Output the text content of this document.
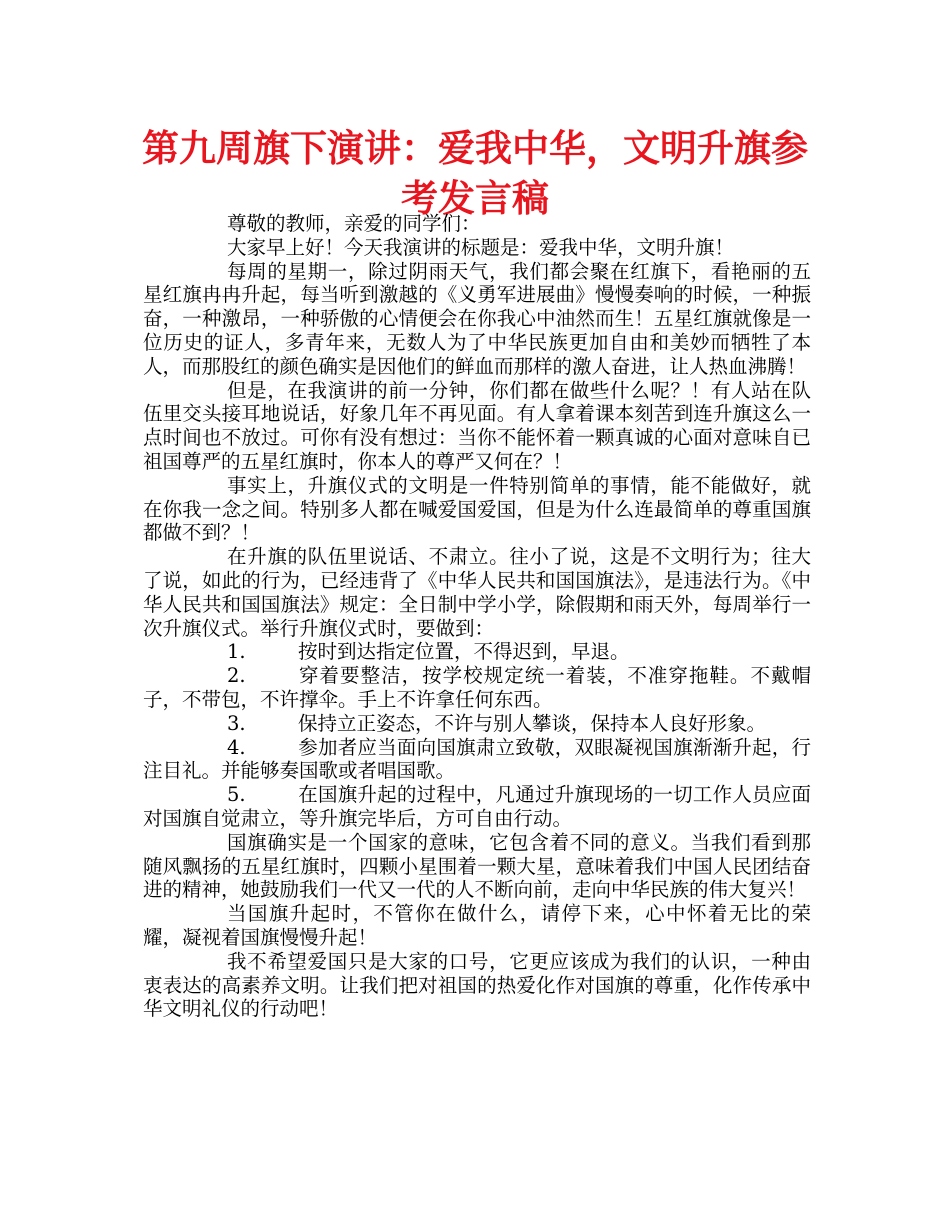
第九周旗下演讲：爱我中华，文明升旗参考发言稿

尊敬的教师，亲爱的同学们：

大家早上好！今天我演讲的标题是：爱我中华，文明升旗！

每周的星期一，除过阴雨天气，我们都会聚在红旗下，看艳丽的五星红旗冉冉升起，每当听到激越的《义勇军进展曲》慢慢奏响的时候，一种振奋，一种激昂，一种骄傲的心情便会在你我心中油然而生！五星红旗就像是一位历史的证人，多青年来，无数人为了中华民族更加自由和美妙而牺牲了本人，而那股红的颜色确实是因他们的鲜血而那样的激人奋进，让人热血沸腾！

但是，在我演讲的前一分钟，你们都在做些什么呢？！有人站在队伍里交头接耳地说话，好象几年不再见面。有人拿着课本刻苦到连升旗这么一点时间也不放过。可你有没有想过：当你不能怀着一颗真诚的心面对意味自已祖国尊严的五星红旗时，你本人的尊严又何在？！

事实上，升旗仪式的文明是一件特别简单的事情，能不能做好，就在你我一念之间。特别多人都在喊爱国爱国，但是为什么连最简单的尊重国旗都做不到？！

在升旗的队伍里说话、不肃立。往小了说，这是不文明行为；往大了说，如此的行为，已经违背了《中华人民共和国国旗法》，是违法行为。《中华人民共和国国旗法》规定：全日制中学小学，除假期和雨天外，每周举行一次升旗仪式。举行升旗仪式时，要做到：

1.	按时到达指定位置，不得迟到，早退。

2.	穿着要整洁，按学校规定统一着装，不准穿拖鞋。不戴帽子，不带包，不许撑伞。手上不许拿任何东西。

3.	保持立正姿态，不许与别人攀谈，保持本人良好形象。

4.	参加者应当面向国旗肃立致敬，双眼凝视国旗渐渐升起，行注目礼。并能够奏国歌或者唱国歌。

5.	在国旗升起的过程中，凡通过升旗现场的一切工作人员应面对国旗自觉肃立，等升旗完毕后，方可自由行动。

国旗确实是一个国家的意味，它包含着不同的意义。当我们看到那随风飘扬的五星红旗时，四颗小星围着一颗大星，意味着我们中国人民团结奋进的精神，她鼓励我们一代又一代的人不断向前，走向中华民族的伟大复兴！

当国旗升起时，不管你在做什么，请停下来，心中怀着无比的荣耀，凝视着国旗慢慢升起！

我不希望爱国只是大家的口号，它更应该成为我们的认识，一种由衷表达的高素养文明。让我们把对祖国的热爱化作对国旗的尊重，化作传承中华文明礼仪的行动吧！
